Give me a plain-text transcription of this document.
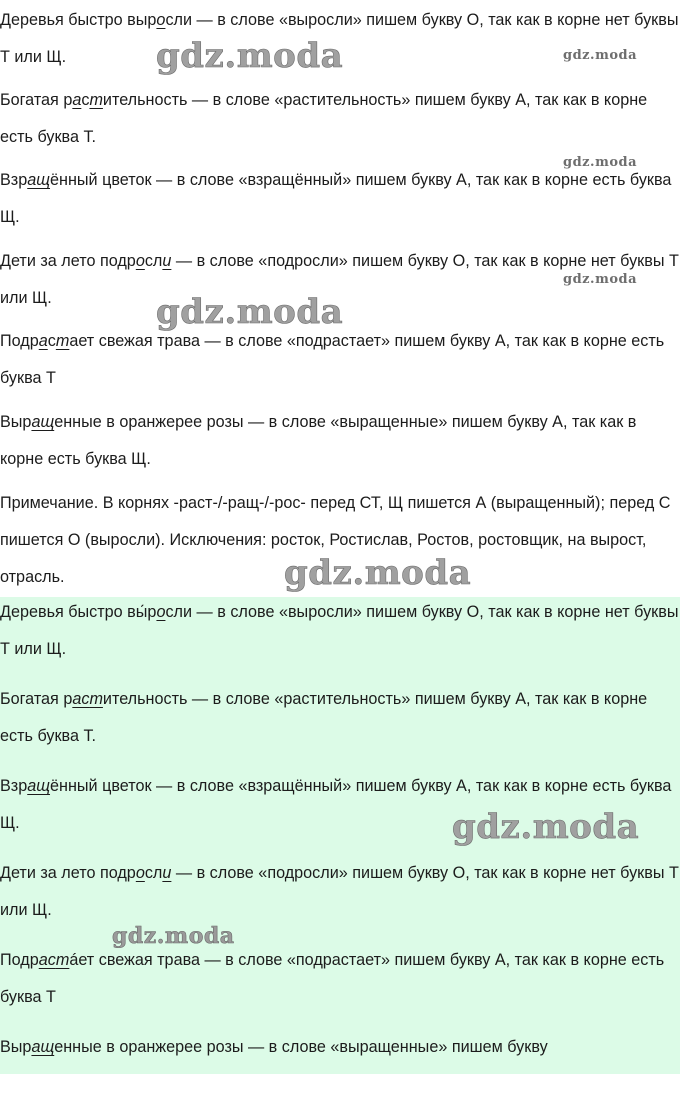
Деревья быстро выросли — в слове «выросли» пишем букву О, так как в корне нет буквы Т или Щ.

Богатая растительность — в слове «растительность» пишем букву А, так как в корне есть буква Т.

Взращённый цветок — в слове «взращённый» пишем букву А, так как в корне есть буква Щ.

Дети за лето подросли — в слове «подросли» пишем букву О, так как в корне нет буквы Т или Щ.

Подрастает свежая трава — в слове «подрастает» пишем букву А, так как в корне есть буква Т

Выращенные в оранжерее розы — в слове «выращенные» пишем букву А, так как в корне есть буква Щ.

Примечание. В корнях -раст-/-ращ-/-рос- перед СТ, Щ пишется А (выращенный); перед С пишется О (выросли). Исключения: росток, Ростислав, Ростов, ростовщик, на вырост, отрасль.

gdz.moda	gdz.moda
gdz.moda
gdz.moda
gdz.moda
gdz.moda

Деревья быстро вы́росли — в слове «выросли» пишем букву О, так как в корне нет буквы Т или Щ.

Богатая растительность — в слове «растительность» пишем букву А, так как в корне есть буква Т.

Взращённый цветок — в слове «взращённый» пишем букву А, так как в корне есть буква Щ.

Дети за лето подросли — в слове «подросли» пишем букву О, так как в корне нет буквы Т или Щ.

Подрастáет свежая трава — в слове «подрастает» пишем букву А, так как в корне есть буква Т

Выращенные в оранжерее розы — в слове «выращенные» пишем букву

gdz.moda
gdz.moda
